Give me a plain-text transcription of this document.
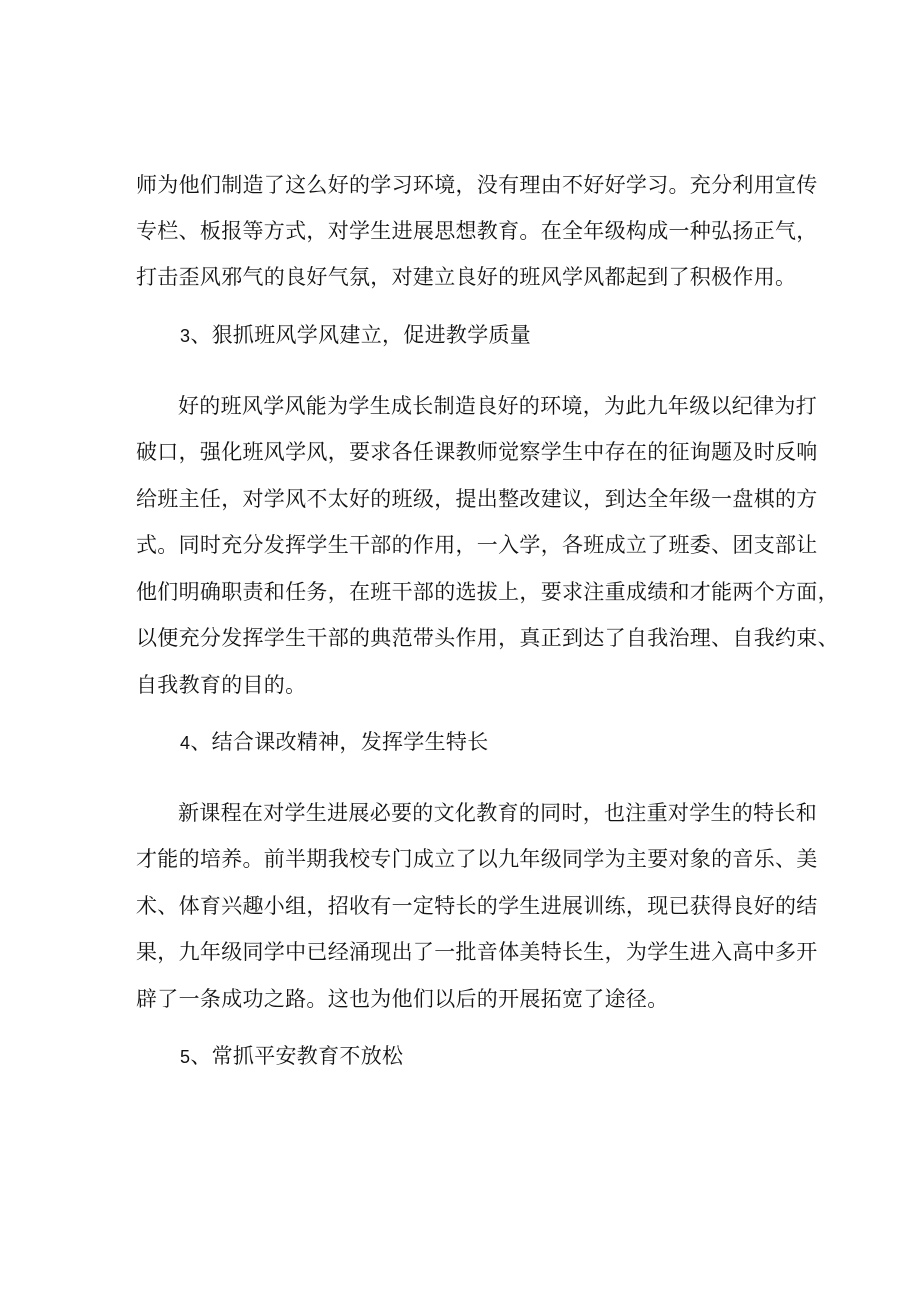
师为他们制造了这么好的学习环境，没有理由不好好学习。充分利用宣传
专栏、板报等方式，对学生进展思想教育。在全年级构成一种弘扬正气，
打击歪风邪气的良好气氛，对建立良好的班风学风都起到了积极作用。
3、狠抓班风学风建立，促进教学质量
好的班风学风能为学生成长制造良好的环境，为此九年级以纪律为打
破口，强化班风学风，要求各任课教师觉察学生中存在的征询题及时反响
给班主任，对学风不太好的班级，提出整改建议，到达全年级一盘棋的方
式。同时充分发挥学生干部的作用，一入学，各班成立了班委、团支部让
他们明确职责和任务，在班干部的选拔上，要求注重成绩和才能两个方面，
以便充分发挥学生干部的典范带头作用，真正到达了自我治理、自我约束、
自我教育的目的。
4、结合课改精神，发挥学生特长
新课程在对学生进展必要的文化教育的同时，也注重对学生的特长和
才能的培养。前半期我校专门成立了以九年级同学为主要对象的音乐、美
术、体育兴趣小组，招收有一定特长的学生进展训练，现已获得良好的结
果，九年级同学中已经涌现出了一批音体美特长生，为学生进入高中多开
辟了一条成功之路。这也为他们以后的开展拓宽了途径。
5、常抓平安教育不放松
